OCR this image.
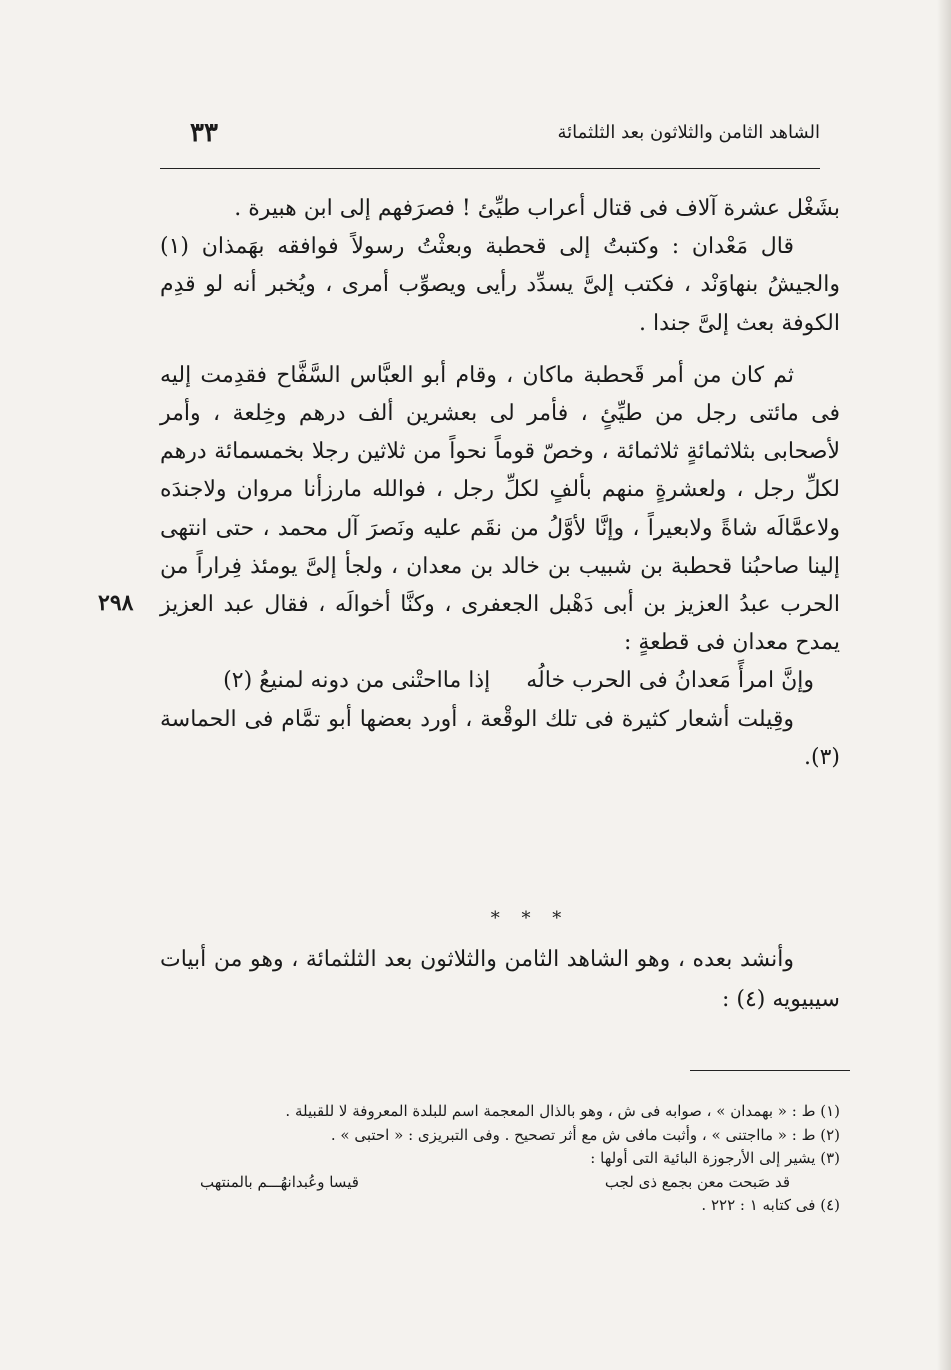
الشاهد الثامن والثلاثون بعد الثلثمائة
٣٣
٢٩٨

بشَغْل عشرة آلاف فى قتال أعراب طيِّئ ! فصرَفهم إلى ابن هبيرة .

قال مَعْدان : وكتبتُ إلى قحطبة وبعثْتُ رسولاً فوافقه بهَمذان (١) والجيشُ بنهاوَنْد ، فكتب إلىَّ يسدِّد رأيى ويصوِّب أمرى ، ويُخبر أنه لو قدِم الكوفة بعث إلىَّ جندا .

ثم كان من أمر قَحطبة ماكان ، وقام أبو العبَّاس السَّفَّاح فقدِمت إليه فى مائتى رجل من طيِّئٍ ، فأمر لى بعشرين ألف درهم وخِلعة ، وأمر لأصحابى بثلاثمائةٍ ثلاثمائة ، وخصّ قوماً نحواً من ثلاثين رجلا بخمسمائة درهم لكلِّ رجل ، ولعشرةٍ منهم بألفٍ لكلِّ رجل ، فوالله مارزأنا مروان ولاجندَه ولاعمَّالَه شاةً ولابعيراً ، وإنَّا لأوَّلُ من نقَم عليه ونَصرَ آل محمد ، حتى انتهى إلينا صاحبُنا قحطبة بن شبيب بن خالد بن معدان ، ولجأ إلىَّ يومئذ فِراراً من الحرب عبدُ العزيز بن أبى دَهْبل الجعفرى ، وكنَّا أخوالَه ، فقال عبد العزيز يمدح معدان فى قطعةٍ :

وإنَّ امرأً مَعدانُ فى الحرب خالُه
إذا مااحتْنى من دونه لمنيعُ (٢)

وقِيلت أشعار كثيرة فى تلك الوقْعة ، أورد بعضها أبو تمَّام فى الحماسة (٣).

* * *

وأنشد بعده ، وهو الشاهد الثامن والثلاثون بعد الثلثمائة ، وهو من أبيات سيبيويه (٤) :

(١) ط : « بهمدان » ، صوابه فى ش ، وهو بالذال المعجمة اسم للبلدة المعروفة لا للقبيلة .

(٢) ط : « مااجتنى » ، وأثبت مافى ش مع أثر تصحيح . وفى التبريزى : « احتبى » .

(٣) يشير إلى الأرجوزة البائية التى أولها :

قد صَبحت معن بجمع ذى لجب
قيسا وعُبدانهُـــم بالمنتهب

(٤) فى كتابه ١ : ٢٢٢ .
